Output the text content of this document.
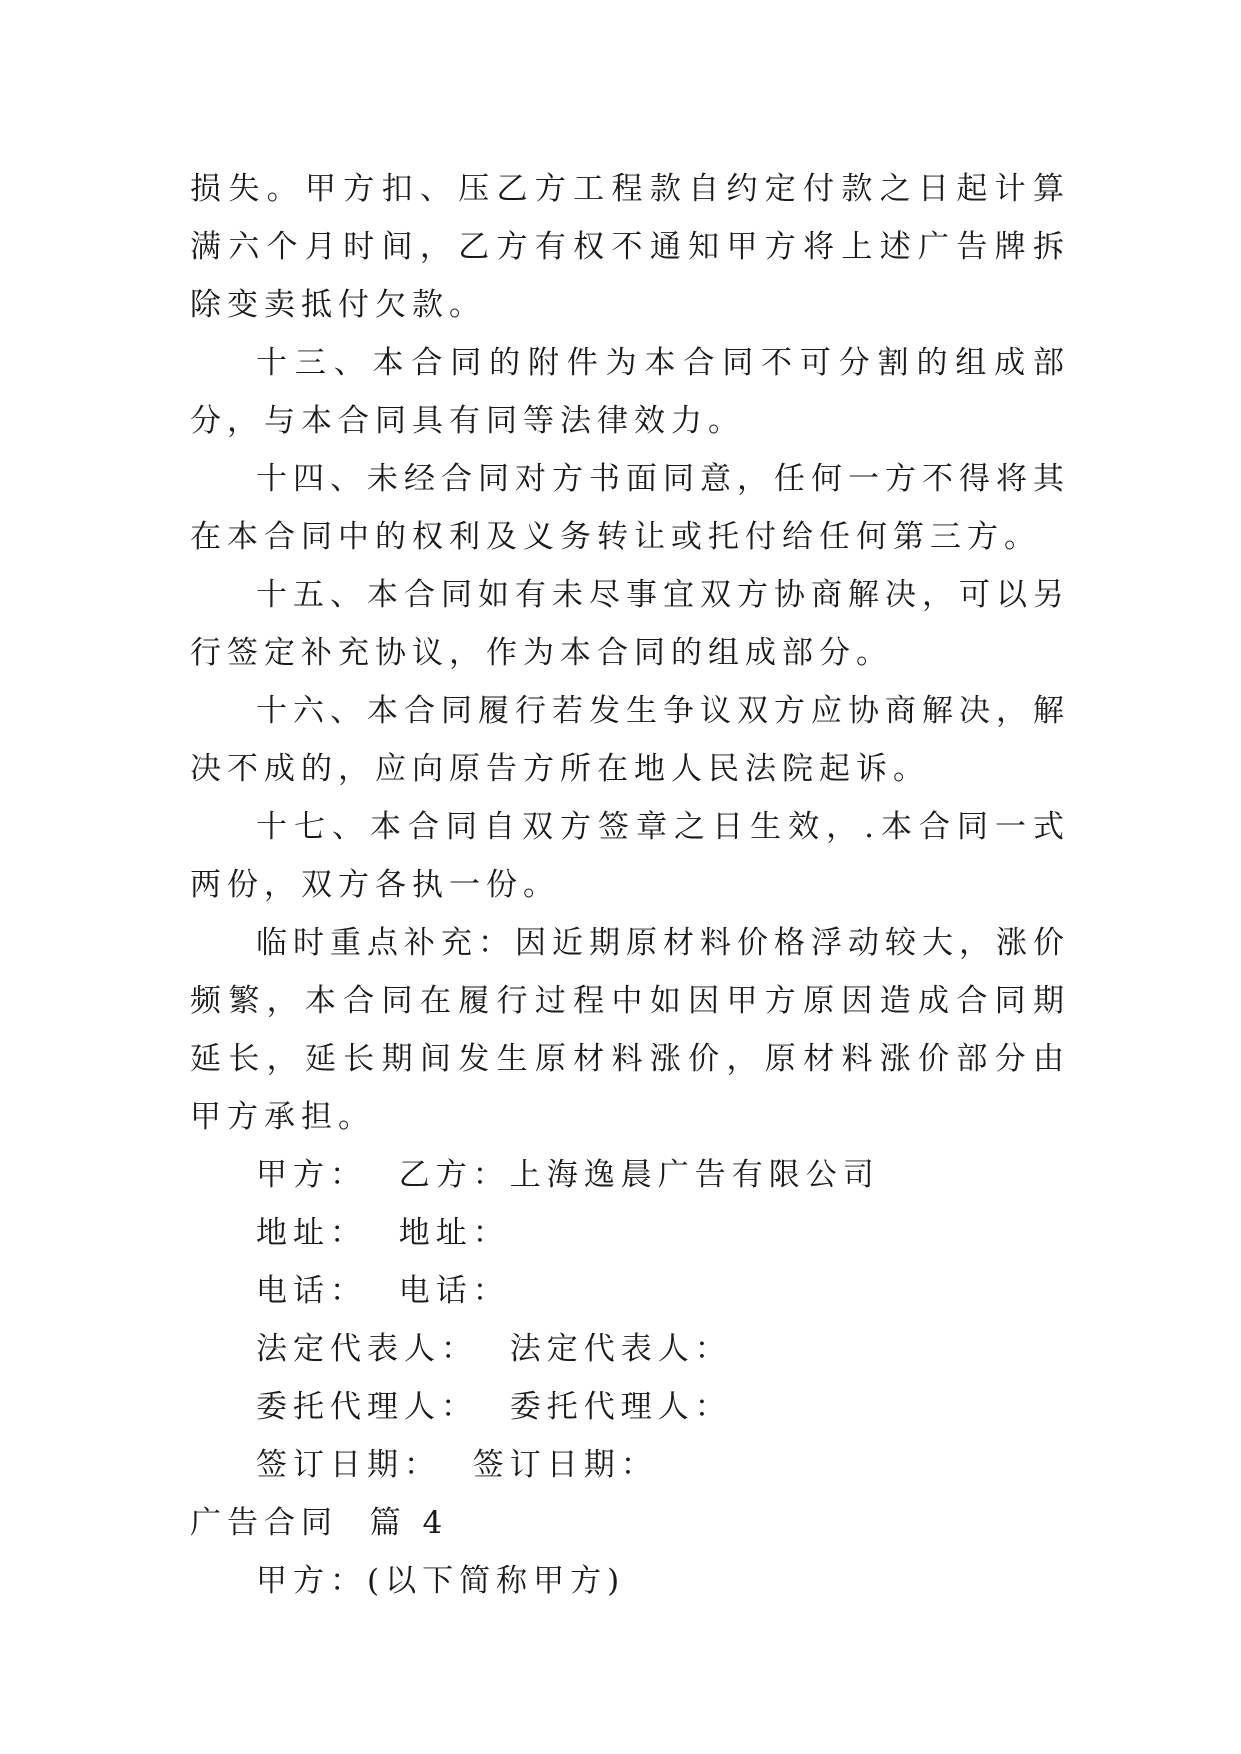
损失。甲方扣、压乙方工程款自约定付款之日起计算满六个月时间，乙方有权不通知甲方将上述广告牌拆除变卖抵付欠款。

十三、本合同的附件为本合同不可分割的组成部分，与本合同具有同等法律效力。

十四、未经合同对方书面同意，任何一方不得将其在本合同中的权利及义务转让或托付给任何第三方。

十五、本合同如有未尽事宜双方协商解决，可以另行签定补充协议，作为本合同的组成部分。

十六、本合同履行若发生争议双方应协商解决，解决不成的，应向原告方所在地人民法院起诉。

十七、本合同自双方签章之日生效，.本合同一式两份，双方各执一份。

临时重点补充：因近期原材料价格浮动较大，涨价频繁，本合同在履行过程中如因甲方原因造成合同期延长，延长期间发生原材料涨价，原材料涨价部分由甲方承担。

甲方：  乙方：上海逸晨广告有限公司

地址：  地址：

电话：  电话：

法定代表人：  法定代表人：

委托代理人：  委托代理人：

签订日期：  签订日期：

广告合同  篇 4

甲方：(以下简称甲方)
